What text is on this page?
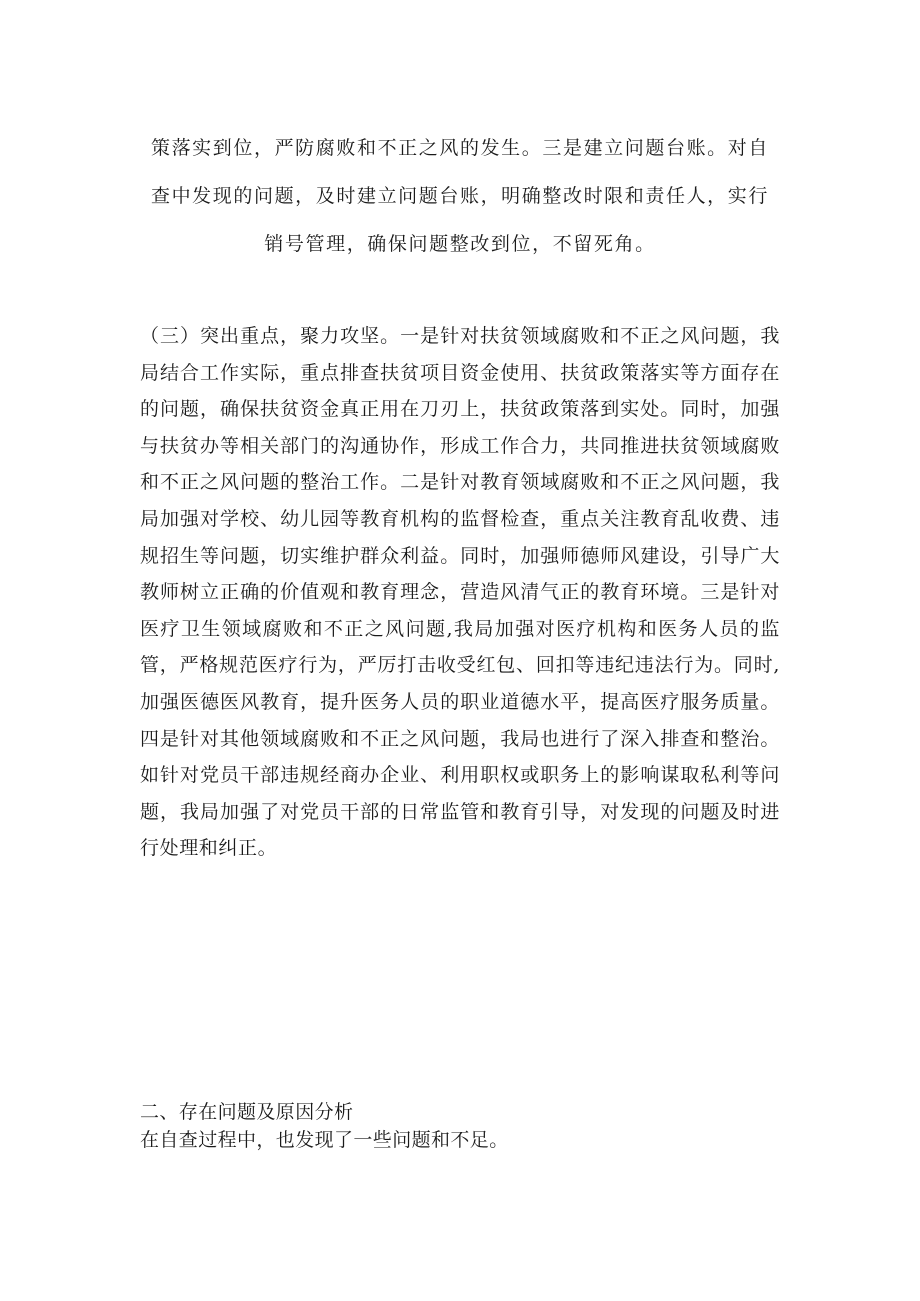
策落实到位，严防腐败和不正之风的发生。三是建立问题台账。对自

查中发现的问题，及时建立问题台账，明确整改时限和责任人，实行

销号管理，确保问题整改到位，不留死角。

（三）突出重点，聚力攻坚。一是针对扶贫领域腐败和不正之风问题，我

局结合工作实际，重点排查扶贫项目资金使用、扶贫政策落实等方面存在

的问题，确保扶贫资金真正用在刀刃上，扶贫政策落到实处。同时，加强

与扶贫办等相关部门的沟通协作，形成工作合力，共同推进扶贫领域腐败

和不正之风问题的整治工作。二是针对教育领域腐败和不正之风问题，我

局加强对学校、幼儿园等教育机构的监督检查，重点关注教育乱收费、违

规招生等问题，切实维护群众利益。同时，加强师德师风建设，引导广大

教师树立正确的价值观和教育理念，营造风清气正的教育环境。三是针对

医疗卫生领域腐败和不正之风问题,我局加强对医疗机构和医务人员的监

管，严格规范医疗行为，严厉打击收受红包、回扣等违纪违法行为。同时,

加强医德医风教育，提升医务人员的职业道德水平，提高医疗服务质量。

四是针对其他领域腐败和不正之风问题，我局也进行了深入排查和整治。

如针对党员干部违规经商办企业、利用职权或职务上的影响谋取私利等问

题，我局加强了对党员干部的日常监管和教育引导，对发现的问题及时进

行处理和纠正。

二、存在问题及原因分析

在自查过程中，也发现了一些问题和不足。
